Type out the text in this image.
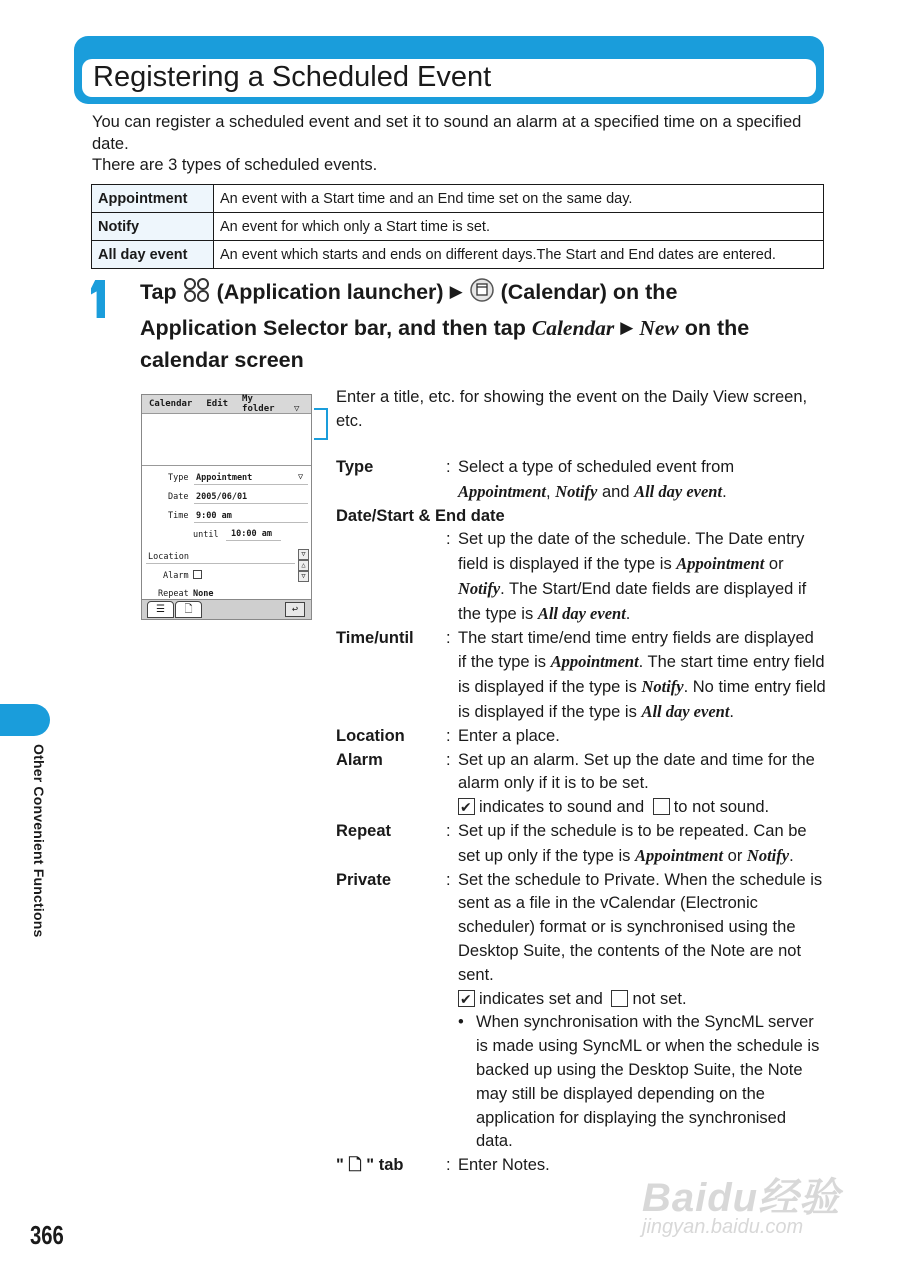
Registering a Scheduled Event
You can register a scheduled event and set it to sound an alarm at a specified time on a specified date.
There are 3 types of scheduled events.
Appointment	An event with a Start time and an End time set on the same day.
Notify	An event for which only a Start time is set.
All day event	An event which starts and ends on different days.The Start and End dates are entered.
Tap (Application launcher) ▶ (Calendar) on the
Application Selector bar, and then tap Calendar ▶ New on the
calendar screen
Calendar Edit My folder ▽
Type Appointment	▽
Date 2005/06/01
Time 9:00 am
until 10:00 am
Location	▽
△
▽
Alarm
Repeat None
☰	🗋	↩
Enter a title, etc. for showing the event on the Daily View screen, etc.
Type	: Select a type of scheduled event from
Appointment, Notify and All day event.
Date/Start & End date
: Set up the date of the schedule. The Date entry field is displayed if the type is Appointment or Notify. The Start/End date fields are displayed if the type is All day event.
Time/until	: The start time/end time entry fields are displayed if the type is Appointment. The start time entry field is displayed if the type is Notify. No time entry field is displayed if the type is All day event.
Location	: Enter a place.
Alarm	: Set up an alarm. Set up the date and time for the alarm only if it is to be set.
✔indicates to sound and to not sound.
Repeat	: Set up if the schedule is to be repeated. Can be set up only if the type is Appointment or Notify.
Private	: Set the schedule to Private. When the schedule is sent as a file in the vCalendar (Electronic scheduler) format or is synchronised using the Desktop Suite, the contents of the Note are not sent.
✔indicates set and not set.
• When synchronisation with the SyncML server is made using SyncML or when the schedule is backed up using the Desktop Suite, the Note may still be displayed depending on the application for displaying the synchronised data.
" 🗋 " tab	: Enter Notes.
Other Convenient Functions
366
Baidu经验
jingyan.baidu.com
